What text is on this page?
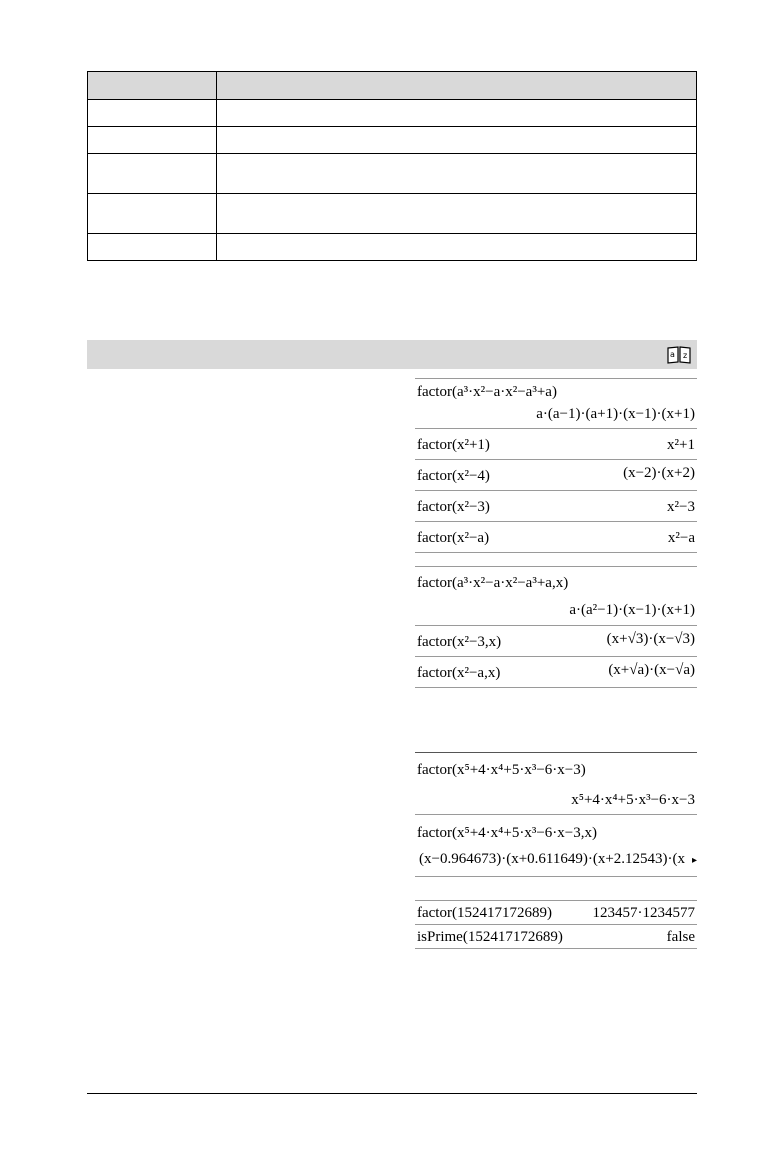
a z
factor(a³·x²−a·x²−a³+a)
a·(a−1)·(a+1)·(x−1)·(x+1)
factor(x²+1)	x²+1
factor(x²−4)	(x−2)·(x+2)
factor(x²−3)	x²−3
factor(x²−a)	x²−a
factor(a³·x²−a·x²−a³+a,x)
a·(a²−1)·(x−1)·(x+1)
factor(x²−3,x)	(x+√3)·(x−√3)
factor(x²−a,x)	(x+√a)·(x−√a)
factor(x⁵+4·x⁴+5·x³−6·x−3)
x⁵+4·x⁴+5·x³−6·x−3
factor(x⁵+4·x⁴+5·x³−6·x−3,x)
(x−0.964673)·(x+0.611649)·(x+2.12543)·(x ▸
factor(152417172689)	123457·1234577
isPrime(152417172689)	false
